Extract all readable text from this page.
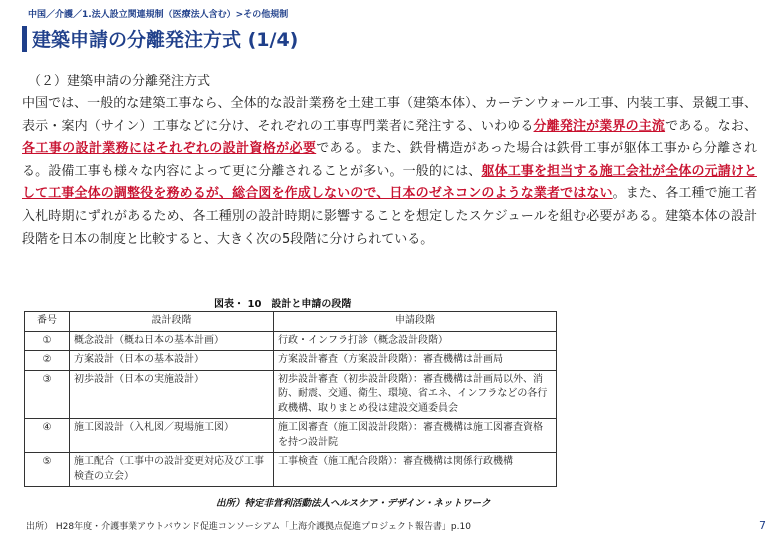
中国／介護／1.法人設立関連規制（医療法人含む）>その他規制
建築申請の分離発注方式 (1/4)
（２）建築申請の分離発注方式
中国では、一般的な建築工事なら、全体的な設計業務を土建工事（建築本体）、カーテンウォール工事、内装工事、景観工事、表示・案内（サイン）工事などに分け、それぞれの工事専門業者に発注する、いわゆる分離発注が業界の主流である。なお、各工事の設計業務にはそれぞれの設計資格が必要である。また、鉄骨構造があった場合は鉄骨工事が躯体工事から分離される。設備工事も様々な内容によって更に分離されることが多い。一般的には、躯体工事を担当する施工会社が全体の元請けとして工事全体の調整役を務めるが、総合図を作成しないので、日本のゼネコンのような業者ではない。また、各工種で施工者入札時期にずれがあるため、各工種別の設計時期に影響することを想定したスケジュールを組む必要がある。建築本体の設計段階を日本の制度と比較すると、大きく次の5段階に分けられている。
図表・ 10　設計と申請の段階
番号	設計段階	申請段階
①	概念設計（概ね日本の基本計画）	行政・インフラ打診（概念設計段階）
②	方案設計（日本の基本設計）	方案設計審査（方案設計段階）：審査機構は計画局
③	初歩設計（日本の実施設計）	初歩設計審査（初歩設計段階）：審査機構は計画局以外、消防、耐震、交通、衛生、環境、省エネ、インフラなどの各行政機構、取りまとめ役は建設交通委員会
④	施工図設計（入札図／現場施工図）	施工図審査（施工図設計段階）：審査機構は施工図審査資格を持つ設計院
⑤	施工配合（工事中の設計変更対応及び工事検査の立会）	工事検査（施工配合段階）：審査機構は関係行政機構
出所）特定非営利活動法人ヘルスケア・デザイン・ネットワーク
出所） H28年度・介護事業アウトバウンド促進コンソーシアム「上海介護拠点促進プロジェクト報告書」p.10	7
